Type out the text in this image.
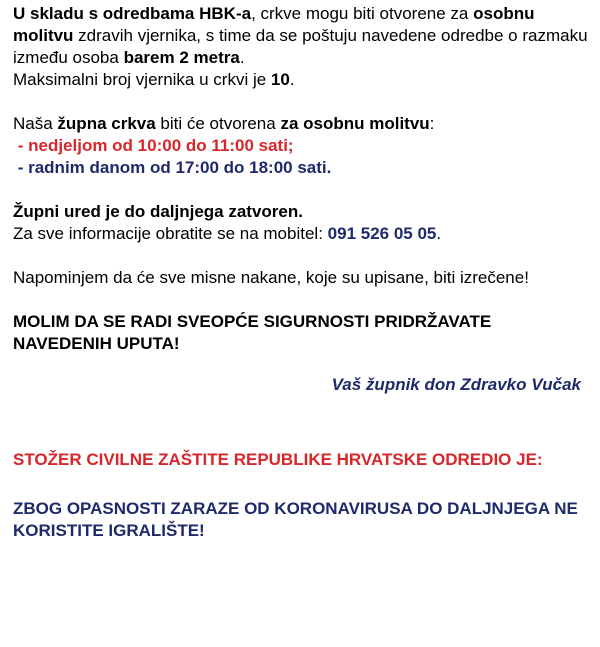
U skladu s odredbama HBK-a, crkve mogu biti otvorene za osobnu molitvu zdravih vjernika, s time da se poštuju navedene odredbe o razmaku između osoba barem 2 metra.

Maksimalni broj vjernika u crkvi je 10.

Naša župna crkva biti će otvorena za osobnu molitvu:

- nedjeljom od 10:00 do 11:00 sati;

- radnim danom od 17:00 do 18:00 sati.

Župni ured je do daljnjega zatvoren.

Za sve informacije obratite se na mobitel: 091 526 05 05.

Napominjem da će sve misne nakane, koje su upisane, biti izrečene!

MOLIM DA SE RADI SVEOPĆE SIGURNOSTI PRIDRŽAVATE NAVEDENIH UPUTA!

Vaš župnik don Zdravko Vučak

STOŽER CIVILNE ZAŠTITE REPUBLIKE HRVATSKE ODREDIO JE:

ZBOG OPASNOSTI ZARAZE OD KORONAVIRUSA DO DALJNJEGA NE KORISTITE IGRALIŠTE!
